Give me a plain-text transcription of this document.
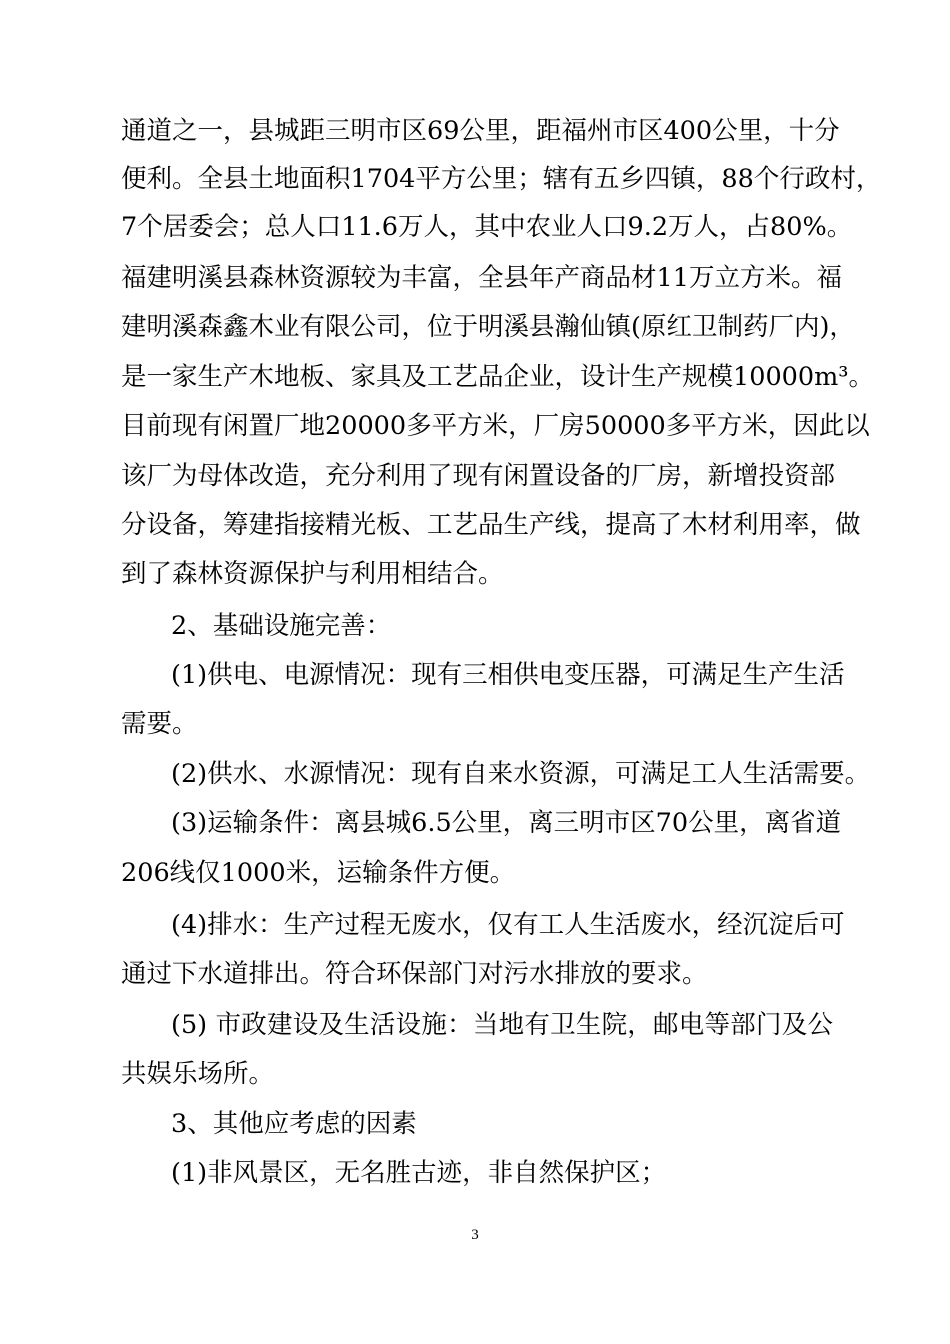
通道之一，县城距三明市区69公里，距福州市区400公里，十分
便利。全县土地面积1704平方公里；辖有五乡四镇，88个行政村，
7个居委会；总人口11.6万人，其中农业人口9.2万人，占80%。
福建明溪县森林资源较为丰富，全县年产商品材11万立方米。福
建明溪森鑫木业有限公司，位于明溪县瀚仙镇(原红卫制药厂内)，
是一家生产木地板、家具及工艺品企业，设计生产规模10000m³。
目前现有闲置厂地20000多平方米，厂房50000多平方米，因此以
该厂为母体改造，充分利用了现有闲置设备的厂房，新增投资部
分设备，筹建指接精光板、工艺品生产线，提高了木材利用率，做
到了森林资源保护与利用相结合。
2、基础设施完善：
(1)供电、电源情况：现有三相供电变压器，可满足生产生活
需要。
(2)供水、水源情况：现有自来水资源，可满足工人生活需要。
(3)运输条件：离县城6.5公里，离三明市区70公里，离省道
206线仅1000米，运输条件方便。
(4)排水：生产过程无废水，仅有工人生活废水，经沉淀后可
通过下水道排出。符合环保部门对污水排放的要求。
(5) 市政建设及生活设施：当地有卫生院，邮电等部门及公
共娱乐场所。
3、其他应考虑的因素
(1)非风景区，无名胜古迹，非自然保护区；
3
